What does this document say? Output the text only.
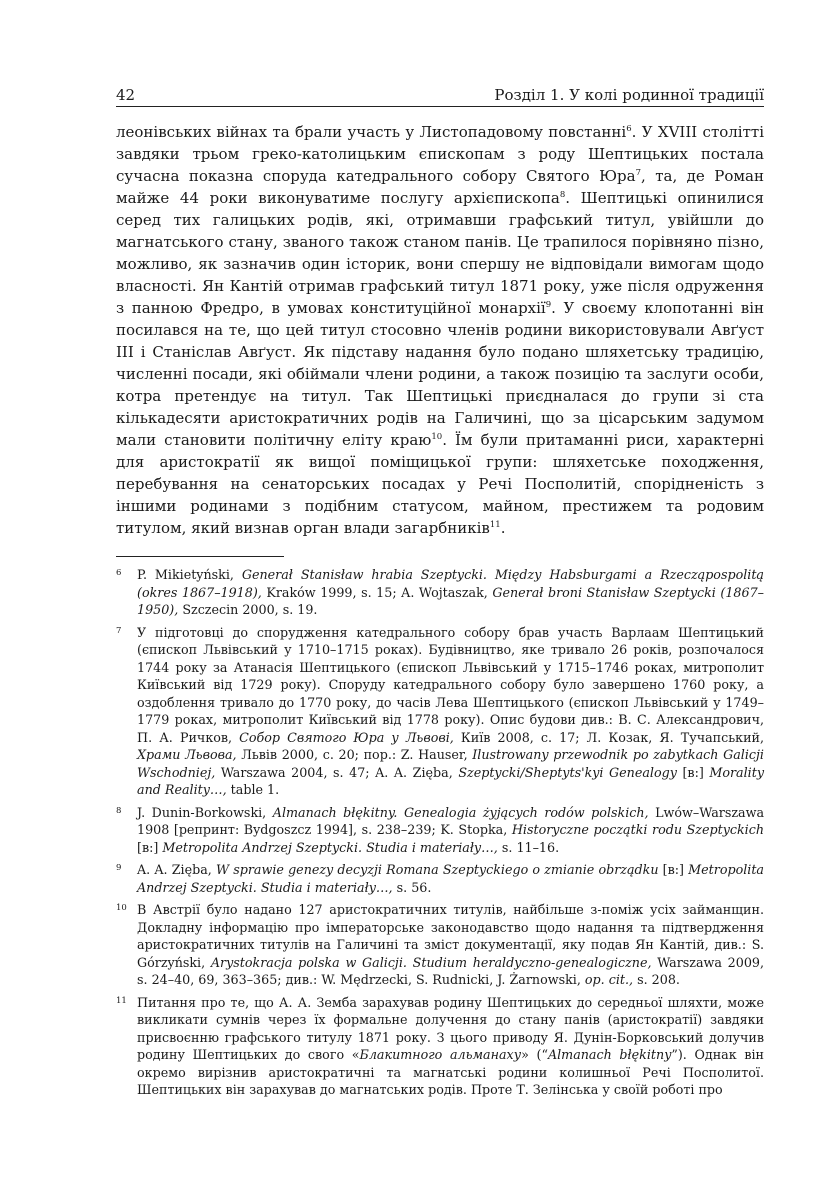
42	Розділ 1. У колі родинної традиції
леонівських війнах та брали участь у Листопадовому повстанні$^6$. У XVIII столітті завдяки трьом греко-католицьким єпископам з роду Шептицьких постала сучасна показна споруда катедрального собору Святого Юра$^7$, та, де Роман майже 44 роки виконуватиме послугу архієпископа$^8$. Шептицькі опинилися серед тих галицьких родів, які, отримавши графський титул, увійшли до магнатського стану, званого також станом панів. Це трапилося порівняно пізно, можливо, як зазначив один історик, вони спершу не відповідали вимогам щодо власності. Ян Кантій отримав графський титул 1871 року, уже після одруження з панною Фредро, в умовах конституційної монархії$^9$. У своєму клопотанні він посилався на те, що цей титул стосовно членів родини використовували Авґуст III і Станіслав Авґуст. Як підставу надання було подано шляхетську традицію, численні посади, які обіймали члени родини, а також позицію та заслуги особи, котра претендує на титул. Так Шептицькі приєдналася до групи зі ста кількадесяти аристократичних родів на Галичині, що за цісарським задумом мали становити політичну еліту краю$^{10}$. Їм були притаманні риси, характерні для аристократії як вищої поміщицької групи: шляхетське походження, перебування на сенаторських посадах у Речі Посполитій, спорідненість з іншими родинами з подібним статусом, майном, престижем та родовим титулом, який визнав орган влади загарбників$^{11}$.
6	P. Mikietyński, Generał Stanisław hrabia Szeptycki. Między Habsburgami a Rzecząpospolitą (okres 1867–1918), Kraków 1999, s. 15; A. Wojtaszak, Generał broni Stanisław Szeptycki (1867–1950), Szczecin 2000, s. 19.
7	У підготовці до спорудження катедрального собору брав участь Варлаам Шептицький (єпископ Львівський у 1710–1715 роках). Будівництво, яке тривало 26 років, розпочалося 1744 року за Атанасія Шептицького (єпископ Львівський у 1715–1746 роках, митрополит Київський від 1729 року). Споруду катедрального собору було завершено 1760 року, а оздоблення тривало до 1770 року, до часів Лева Шептицького (єпископ Львівський у 1749–1779 роках, митрополит Київський від 1778 року). Опис будови див.: В. С. Александрович, П. А. Ричков, Собор Святого Юра у Львові, Київ 2008, с. 17; Л. Козак, Я. Тучапський, Храми Львова, Львів 2000, с. 20; пор.: Z. Hauser, Ilustrowany przewodnik po zabytkach Galicji Wschodniej, Warszawa 2004, s. 47; A. A. Zięba, Szeptycki/Sheptyts'kyi Genealogy [в:] Morality and Reality…, table 1.
8	J. Dunin-Borkowski, Almanach błękitny. Genealogia żyjących rodów polskich, Lwów–Warszawa 1908 [репринт: Bydgoszcz 1994], s. 238–239; K. Stopka, Historyczne początki rodu Szeptyckich [в:] Metropolita Andrzej Szeptycki. Studia i materiały…, s. 11–16.
9	A. A. Zięba, W sprawie genezy decyzji Romana Szeptyckiego o zmianie obrządku [в:] Metropolita Andrzej Szeptycki. Studia i materiały…, s. 56.
10 В Австрії було надано 127 аристократичних титулів, найбільше з-поміж усіх займанщин. Докладну інформацію про імператорське законодавство щодо надання та підтвердження аристократичних титулів на Галичині та зміст документації, яку подав Ян Кантій, див.: S. Górzyński, Arystokracja polska w Galicji. Studium heraldyczno-genealogiczne, Warszawa 2009, s. 24–40, 69, 363–365; див.: W. Mędrzecki, S. Rudnicki, J. Żarnowski, op. cit., s. 208.
11 Питання про те, що А. А. Земба зарахував родину Шептицьких до середньої шляхти, може викликати сумнів через їх формальне долучення до стану панів (аристократії) завдяки присвоєнню графського титулу 1871 року. З цього приводу Я. Дунін-Борковський долучив родину Шептицьких до свого «Блакитного альманаху» (“Almanach błękitny”). Однак він окремо вирізнив аристократичні та магнатські родини колишньої Речі Посполитої. Шептицьких він зарахував до магнатських родів. Проте Т. Зелінська у своїй роботі про
